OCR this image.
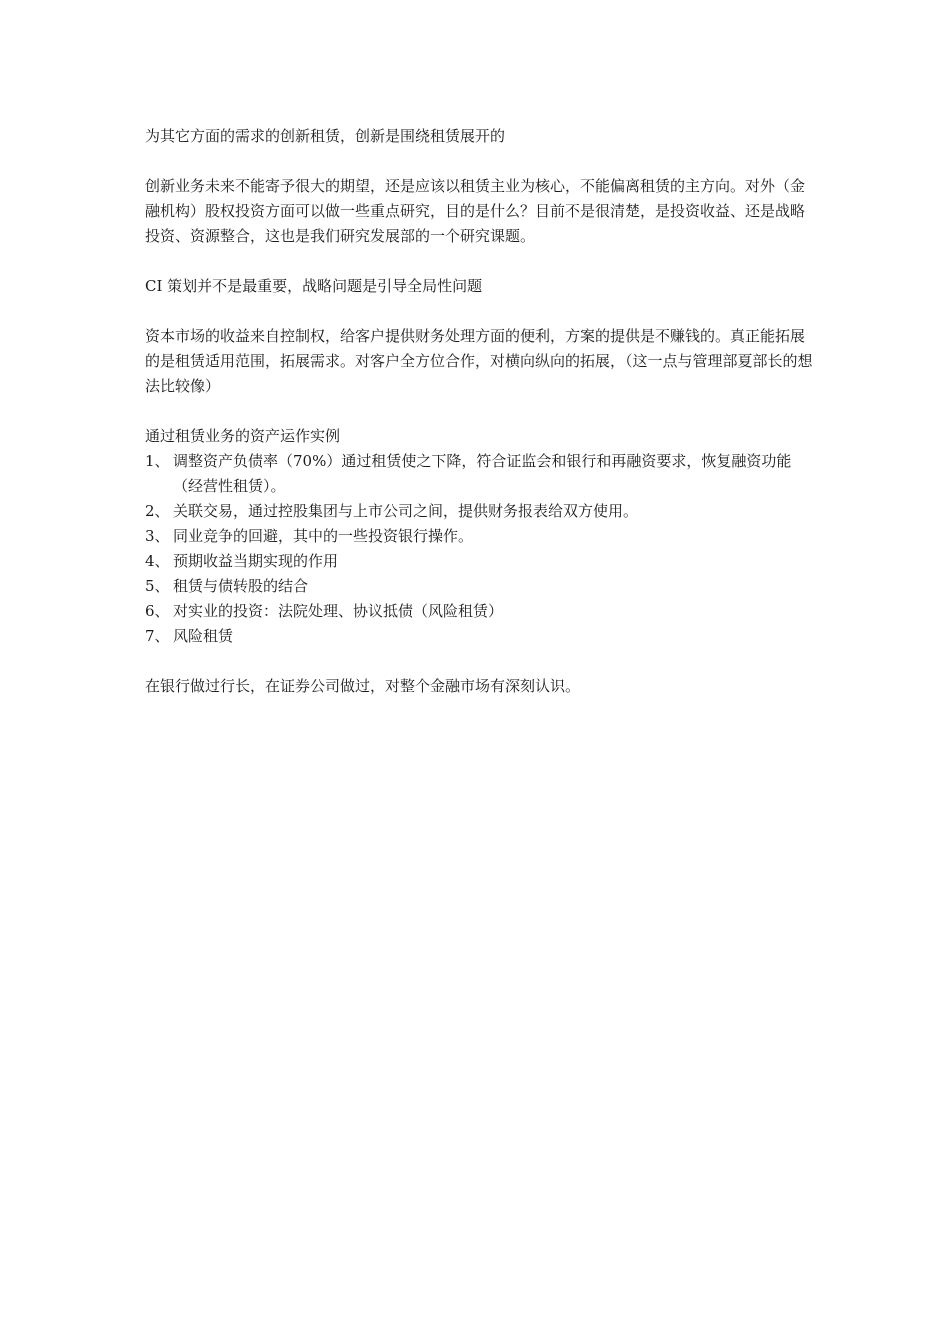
为其它方面的需求的创新租赁，创新是围绕租赁展开的

创新业务未来不能寄予很大的期望，还是应该以租赁主业为核心，不能偏离租赁的主方向。对外（金融机构）股权投资方面可以做一些重点研究，目的是什么？目前不是很清楚，是投资收益、还是战略投资、资源整合，这也是我们研究发展部的一个研究课题。

CI 策划并不是最重要，战略问题是引导全局性问题

资本市场的收益来自控制权，给客户提供财务处理方面的便利，方案的提供是不赚钱的。真正能拓展的是租赁适用范围，拓展需求。对客户全方位合作，对横向纵向的拓展，（这一点与管理部夏部长的想法比较像）

通过租赁业务的资产运作实例

1、 调整资产负债率（70%）通过租赁使之下降，符合证监会和银行和再融资要求，恢复融资功能（经营性租赁）。
2、 关联交易，通过控股集团与上市公司之间，提供财务报表给双方使用。
3、 同业竞争的回避，其中的一些投资银行操作。
4、 预期收益当期实现的作用
5、 租赁与债转股的结合
6、 对实业的投资：法院处理、协议抵债（风险租赁）
7、 风险租赁

在银行做过行长，在证券公司做过，对整个金融市场有深刻认识。
